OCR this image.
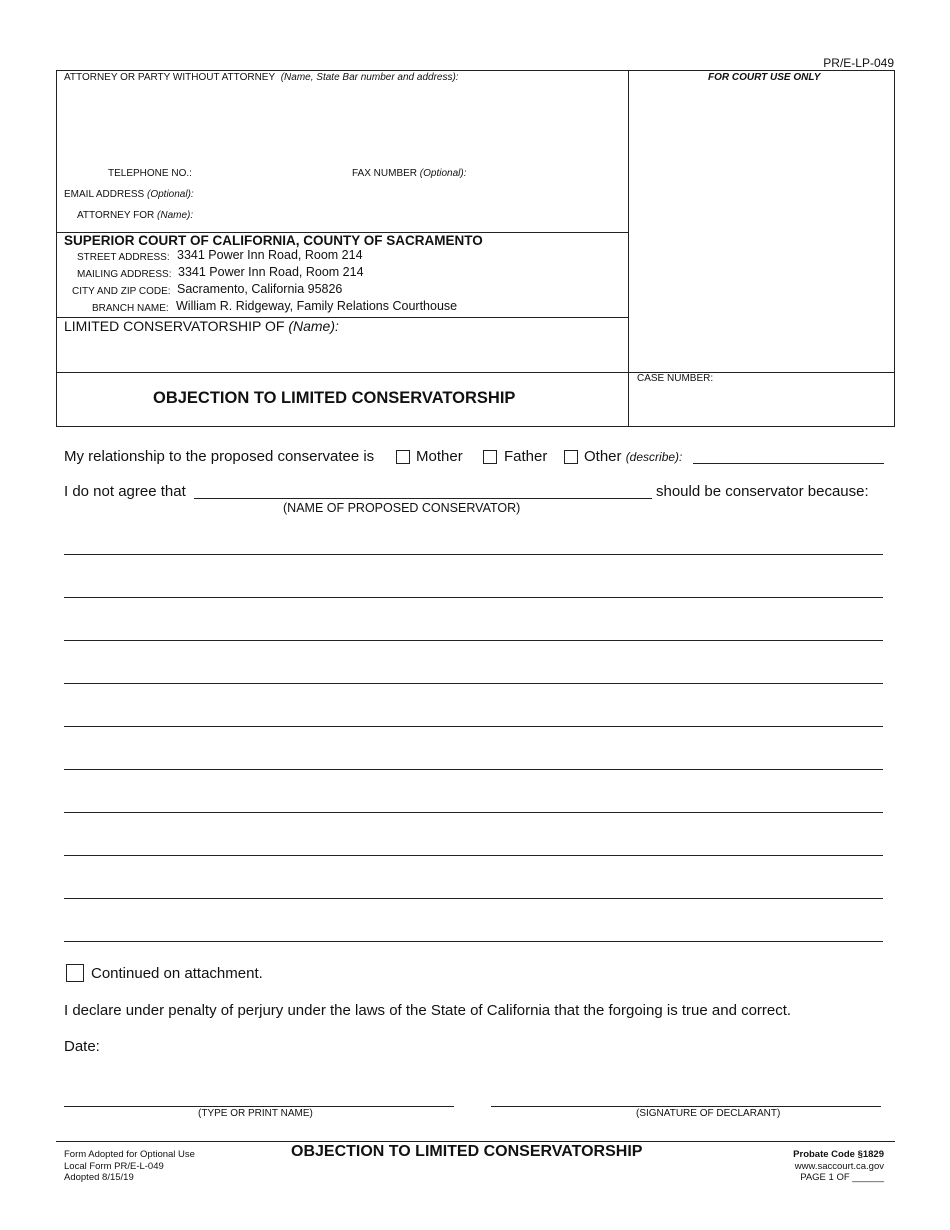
PR/E-LP-049
ATTORNEY OR PARTY WITHOUT ATTORNEY (Name, State Bar number and address):	FOR COURT USE ONLY
TELEPHONE NO.:	FAX NUMBER (Optional):
EMAIL ADDRESS (Optional):
ATTORNEY FOR (Name):
SUPERIOR COURT OF CALIFORNIA, COUNTY OF SACRAMENTO
STREET ADDRESS: 3341 Power Inn Road, Room 214
MAILING ADDRESS: 3341 Power Inn Road, Room 214
CITY AND ZIP CODE: Sacramento, California 95826
BRANCH NAME: William R. Ridgeway, Family Relations Courthouse
LIMITED CONSERVATORSHIP OF (Name):
OBJECTION TO LIMITED CONSERVATORSHIP
CASE NUMBER:
My relationship to the proposed conservatee is	Mother	Father Other (describe):
I do not agree that	should be conservator because:
(NAME OF PROPOSED CONSERVATOR)
Continued on attachment.
I declare under penalty of perjury under the laws of the State of California that the forgoing is true and correct.
Date:
(TYPE OR PRINT NAME)	(SIGNATURE OF DECLARANT)
Form Adopted for Optional Use
Local Form PR/E-L-049
Adopted 8/15/19
OBJECTION TO LIMITED CONSERVATORSHIP	Probate Code §1829
www.saccourt.ca.gov
PAGE 1 OF ______
